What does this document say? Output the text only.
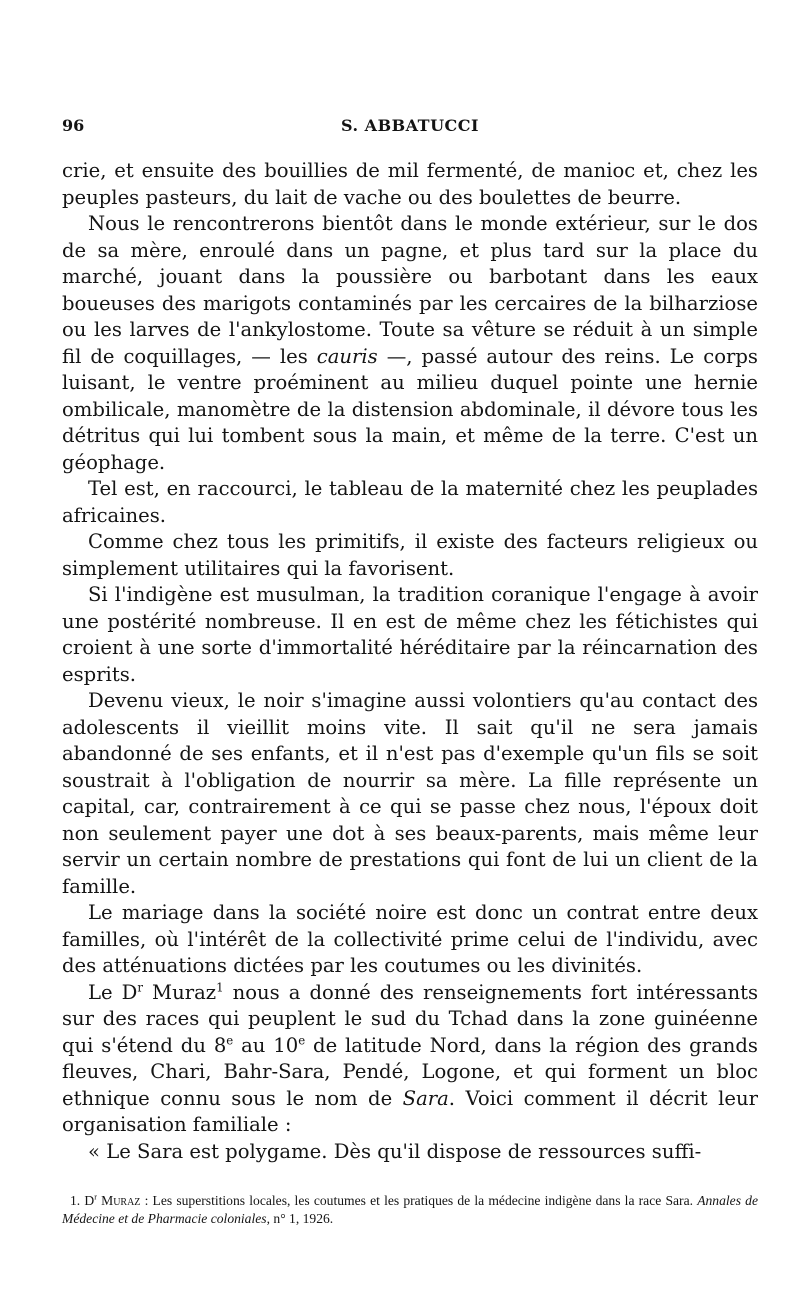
96	S. ABBATUCCI

crie, et ensuite des bouillies de mil fermenté, de manioc et, chez les peuples pasteurs, du lait de vache ou des boulettes de beurre.

Nous le rencontrerons bientôt dans le monde extérieur, sur le dos de sa mère, enroulé dans un pagne, et plus tard sur la place du marché, jouant dans la poussière ou barbotant dans les eaux boueuses des marigots contaminés par les cercaires de la bilharziose ou les larves de l'ankylostome. Toute sa vêture se réduit à un simple fil de coquillages, — les cauris —, passé autour des reins. Le corps luisant, le ventre proéminent au milieu duquel pointe une hernie ombilicale, manomètre de la distension abdominale, il dévore tous les détritus qui lui tombent sous la main, et même de la terre. C'est un géophage.

Tel est, en raccourci, le tableau de la maternité chez les peuplades africaines.

Comme chez tous les primitifs, il existe des facteurs religieux ou simplement utilitaires qui la favorisent.

Si l'indigène est musulman, la tradition coranique l'engage à avoir une postérité nombreuse. Il en est de même chez les fétichistes qui croient à une sorte d'immortalité héréditaire par la réincarnation des esprits.

Devenu vieux, le noir s'imagine aussi volontiers qu'au contact des adolescents il vieillit moins vite. Il sait qu'il ne sera jamais abandonné de ses enfants, et il n'est pas d'exemple qu'un fils se soit soustrait à l'obligation de nourrir sa mère. La fille représente un capital, car, contrairement à ce qui se passe chez nous, l'époux doit non seulement payer une dot à ses beaux-parents, mais même leur servir un certain nombre de prestations qui font de lui un client de la famille.

Le mariage dans la société noire est donc un contrat entre deux familles, où l'intérêt de la collectivité prime celui de l'individu, avec des atténuations dictées par les coutumes ou les divinités.

Le $D^r$ Muraz$^1$ nous a donné des renseignements fort intéressants sur des races qui peuplent le sud du Tchad dans la zone guinéenne qui s'étend du 8e au 10e de latitude Nord, dans la région des grands fleuves, Chari, Bahr-Sara, Pendé, Logone, et qui forment un bloc ethnique connu sous le nom de Sara. Voici comment il décrit leur organisation familiale :

« Le Sara est polygame. Dès qu'il dispose de ressources suffi-

1. $D^r$ Muraz : Les superstitions locales, les coutumes et les pratiques de la médecine indigène dans la race Sara. Annales de Médecine et de Pharmacie coloniales, n° 1, 1926.
